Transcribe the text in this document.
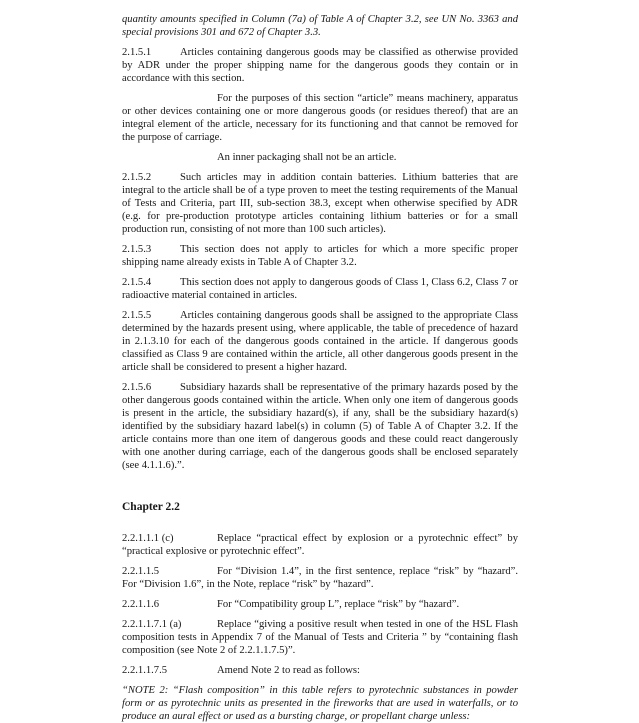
quantity amounts specified in Column (7a) of Table A of Chapter 3.2, see UN No. 3363 and special provisions 301 and 672 of Chapter 3.3.

2.1.5.1	Articles containing dangerous goods may be classified as otherwise provided by ADR under the proper shipping name for the dangerous goods they contain or in accordance with this section.

For the purposes of this section “article” means machinery, apparatus or other devices containing one or more dangerous goods (or residues thereof) that are an integral element of the article, necessary for its functioning and that cannot be removed for the purpose of carriage.

An inner packaging shall not be an article.

2.1.5.2	Such articles may in addition contain batteries. Lithium batteries that are integral to the article shall be of a type proven to meet the testing requirements of the Manual of Tests and Criteria, part III, sub-section 38.3, except when otherwise specified by ADR (e.g. for pre-production prototype articles containing lithium batteries or for a small production run, consisting of not more than 100 such articles).

2.1.5.3	This section does not apply to articles for which a more specific proper shipping name already exists in Table A of Chapter 3.2.

2.1.5.4	This section does not apply to dangerous goods of Class 1, Class 6.2, Class 7 or radioactive material contained in articles.

2.1.5.5	Articles containing dangerous goods shall be assigned to the appropriate Class determined by the hazards present using, where applicable, the table of precedence of hazard in 2.1.3.10 for each of the dangerous goods contained in the article. If dangerous goods classified as Class 9 are contained within the article, all other dangerous goods present in the article shall be considered to present a higher hazard.

2.1.5.6	Subsidiary hazards shall be representative of the primary hazards posed by the other dangerous goods contained within the article. When only one item of dangerous goods is present in the article, the subsidiary hazard(s), if any, shall be the subsidiary hazard(s) identified by the subsidiary hazard label(s) in column (5) of Table A of Chapter 3.2. If the article contains more than one item of dangerous goods and these could react dangerously with one another during carriage, each of the dangerous goods shall be enclosed separately (see 4.1.1.6).”.

Chapter 2.2

2.2.1.1.1 (c)	Replace “practical effect by explosion or a pyrotechnic effect” by “practical explosive or pyrotechnic effect”.

2.2.1.1.5	For “Division 1.4”, in the first sentence, replace “risk” by “hazard”. For “Division 1.6”, in the Note, replace “risk” by “hazard”.

2.2.1.1.6	For “Compatibility group L”, replace “risk” by “hazard”.

2.2.1.1.7.1 (a)	Replace “giving a positive result when tested in one of the HSL Flash composition tests in Appendix 7 of the Manual of Tests and Criteria ” by “containing flash composition (see Note 2 of 2.2.1.1.7.5)”.

2.2.1.1.7.5	Amend Note 2 to read as follows:

“NOTE 2: “Flash composition” in this table refers to pyrotechnic substances in powder form or as pyrotechnic units as presented in the fireworks that are used in waterfalls, or to produce an aural effect or used as a bursting charge, or propellant charge unless:
